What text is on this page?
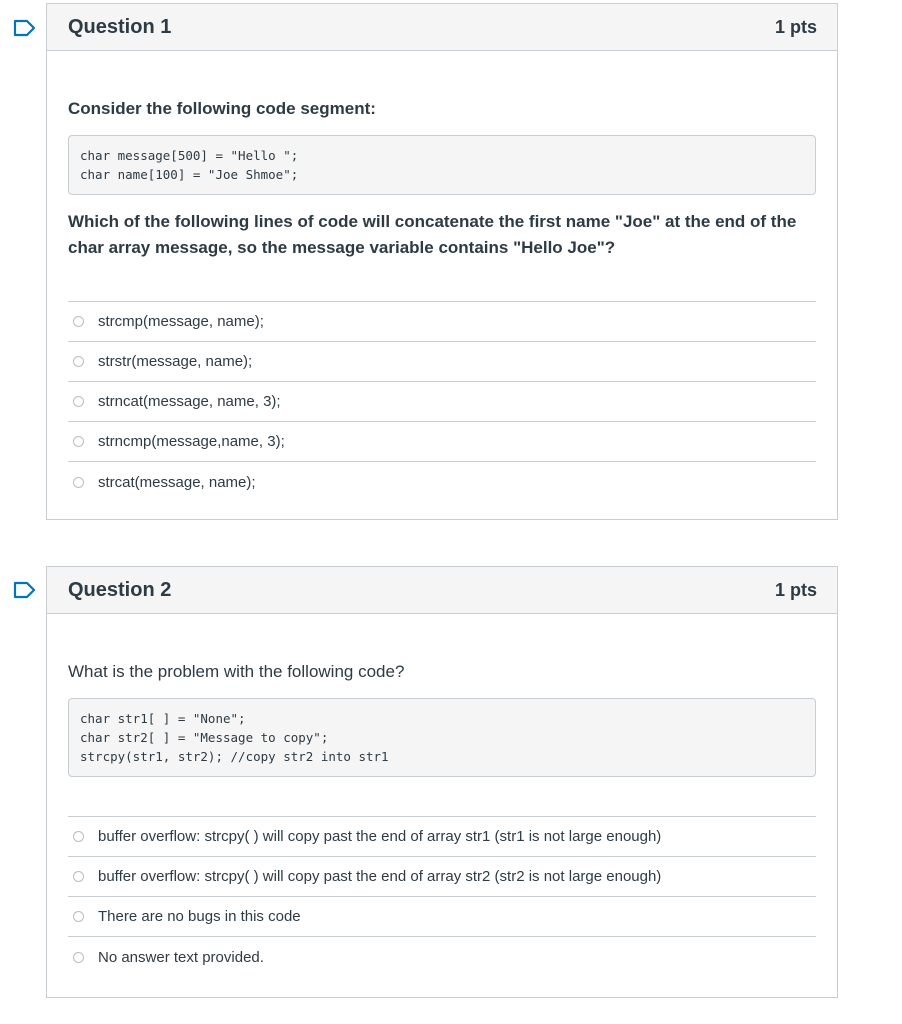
Question 1	1 pts
Consider the following code segment:
char message[500] = "Hello ";
char name[100] = "Joe Shmoe";
Which of the following lines of code will concatenate the first name "Joe" at the end of the char array message, so the message variable contains "Hello Joe"?
strcmp(message, name);
strstr(message, name);
strncat(message, name, 3);
strncmp(message,name, 3);
strcat(message, name);
Question 2	1 pts
What is the problem with the following code?
char str1[ ] = "None";
char str2[ ] = "Message to copy";
strcpy(str1, str2); //copy str2 into str1
buffer overflow: strcpy( ) will copy past the end of array str1 (str1 is not large enough)
buffer overflow: strcpy( ) will copy past the end of array str2 (str2 is not large enough)
There are no bugs in this code
No answer text provided.
